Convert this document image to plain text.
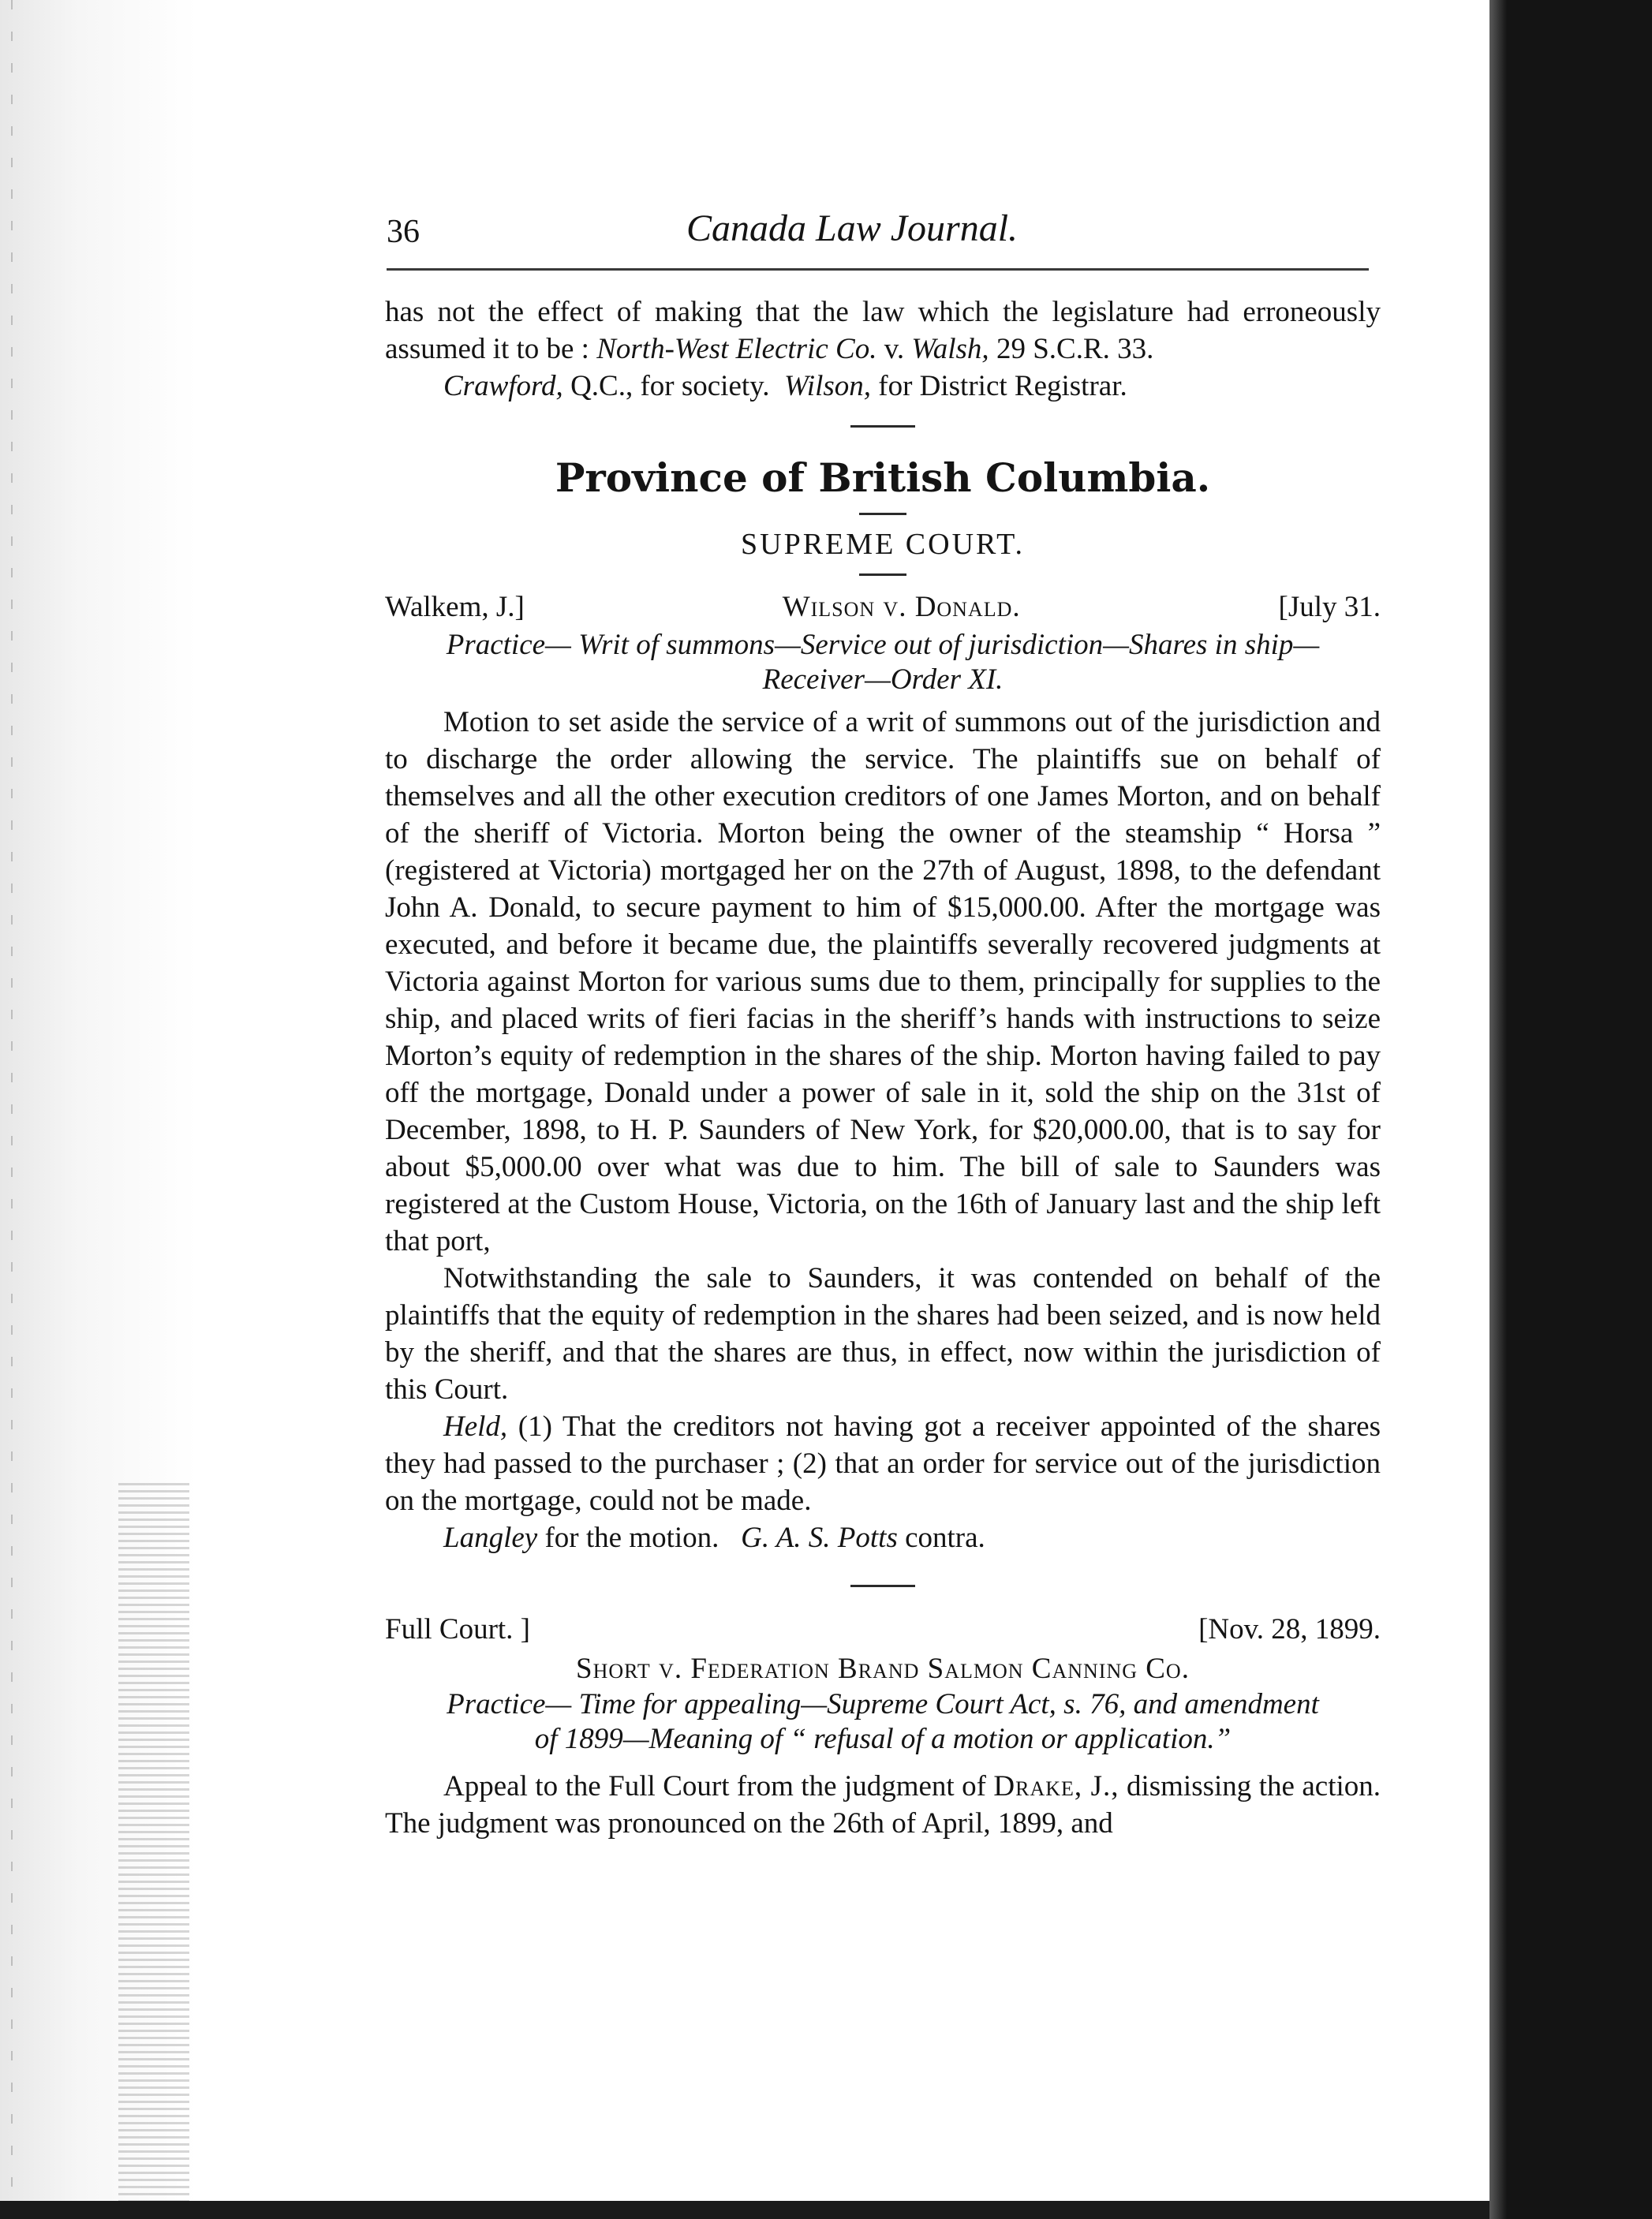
36	Canada Law Journal.

has not the effect of making that the law which the legislature had erroneously assumed it to be : North-West Electric Co. v. Walsh, 29 S.C.R. 33.

Crawford, Q.C., for society. Wilson, for District Registrar.

Province of British Columbia.

SUPREME COURT.

Walkem, J.]	Wilson v. Donald.	[July 31.

Practice— Writ of summons—Service out of jurisdiction—Shares in ship—

Receiver—Order XI.

Motion to set aside the service of a writ of summons out of the jurisdiction and to discharge the order allowing the service. The plaintiffs sue on behalf of themselves and all the other execution creditors of one James Morton, and on behalf of the sheriff of Victoria. Morton being the owner of the steamship “ Horsa ” (registered at Victoria) mortgaged her on the 27th of August, 1898, to the defendant John A. Donald, to secure payment to him of $15,000.00. After the mortgage was executed, and before it became due, the plaintiffs severally recovered judgments at Victoria against Morton for various sums due to them, principally for supplies to the ship, and placed writs of fieri facias in the sheriff’s hands with instructions to seize Morton’s equity of redemption in the shares of the ship. Morton having failed to pay off the mortgage, Donald under a power of sale in it, sold the ship on the 31st of December, 1898, to H. P. Saunders of New York, for $20,000.00, that is to say for about $5,000.00 over what was due to him. The bill of sale to Saunders was registered at the Custom House, Victoria, on the 16th of January last and the ship left that port,

Notwithstanding the sale to Saunders, it was contended on behalf of the plaintiffs that the equity of redemption in the shares had been seized, and is now held by the sheriff, and that the shares are thus, in effect, now within the jurisdiction of this Court.

Held, (1) That the creditors not having got a receiver appointed of the shares they had passed to the purchaser ; (2) that an order for service out of the jurisdiction on the mortgage, could not be made.

Langley for the motion. G. A. S. Potts contra.

Full Court. ]	[Nov. 28, 1899.

Short v. Federation Brand Salmon Canning Co.

Practice— Time for appealing—Supreme Court Act, s. 76, and amendment

of 1899—Meaning of “ refusal of a motion or application.”

Appeal to the Full Court from the judgment of Drake, J., dismissing the action. The judgment was pronounced on the 26th of April, 1899, and
